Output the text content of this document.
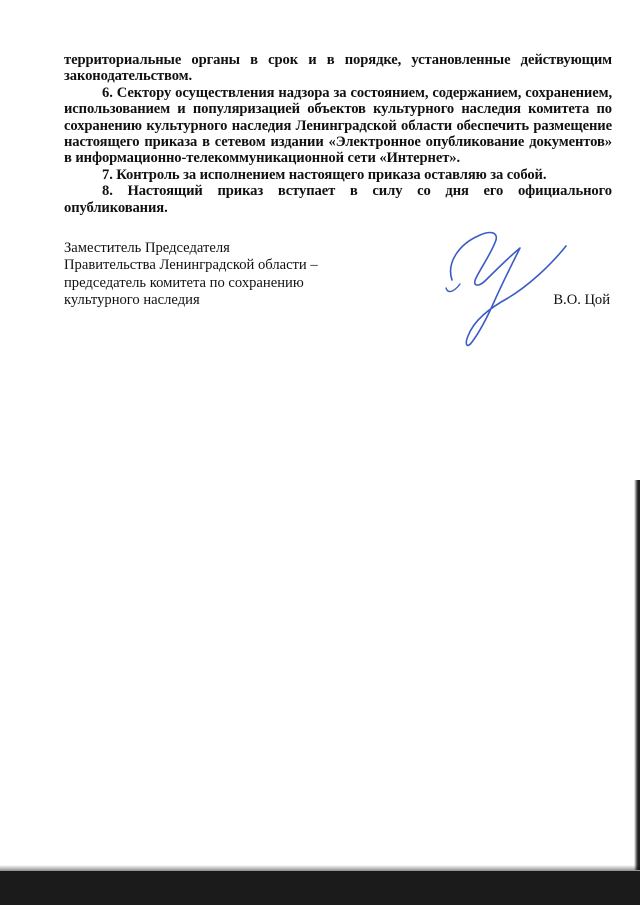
территориальные органы в срок и в порядке, установленные действующим законодательством.

6. Сектору осуществления надзора за состоянием, содержанием, сохранением, использованием и популяризацией объектов культурного наследия комитета по сохранению культурного наследия Ленинградской области обеспечить размещение настоящего приказа в сетевом издании «Электронное опубликование документов» в информационно-телекоммуникационной сети «Интернет».

7. Контроль за исполнением настоящего приказа оставляю за собой.

8. Настоящий приказ вступает в силу со дня его официального опубликования.

Заместитель Председателя
Правительства Ленинградской области –
председатель комитета по сохранению
культурного наследия	В.О. Цой
